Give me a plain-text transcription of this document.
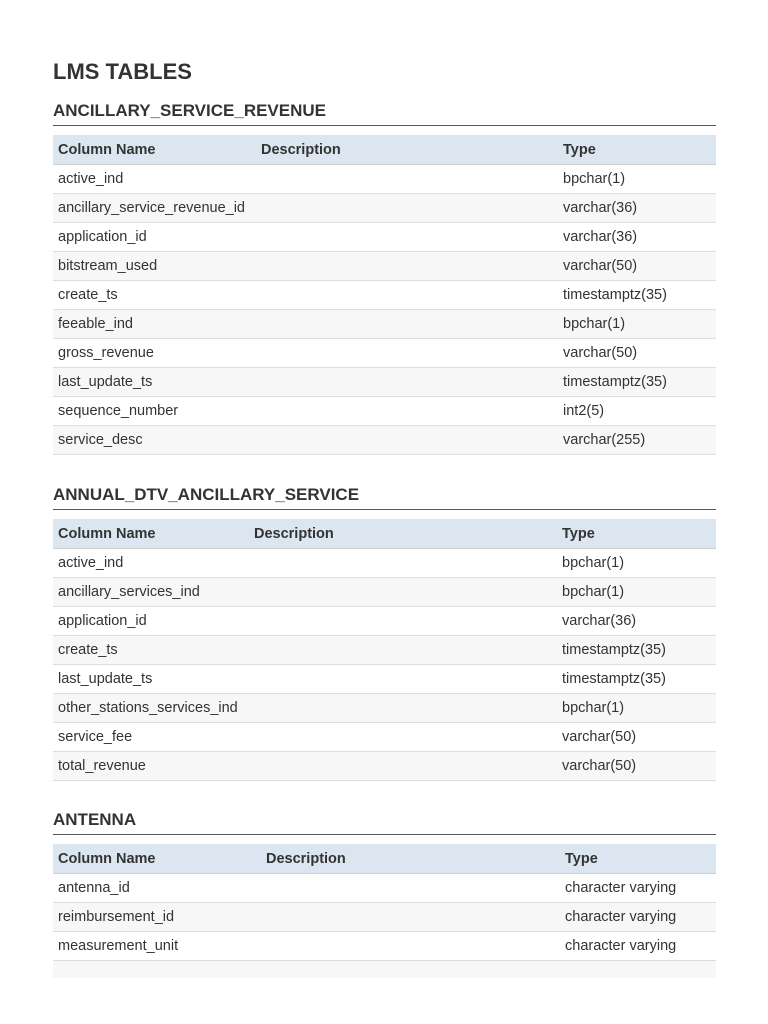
LMS TABLES
ANCILLARY_SERVICE_REVENUE
Column Name	Description	Type
active_ind		bpchar(1)
ancillary_service_revenue_id		varchar(36)
application_id		varchar(36)
bitstream_used		varchar(50)
create_ts		timestamptz(35)
feeable_ind		bpchar(1)
gross_revenue		varchar(50)
last_update_ts		timestamptz(35)
sequence_number		int2(5)
service_desc		varchar(255)
ANNUAL_DTV_ANCILLARY_SERVICE
Column Name	Description	Type
active_ind		bpchar(1)
ancillary_services_ind		bpchar(1)
application_id		varchar(36)
create_ts		timestamptz(35)
last_update_ts		timestamptz(35)
other_stations_services_ind		bpchar(1)
service_fee		varchar(50)
total_revenue		varchar(50)
ANTENNA
Column Name	Description	Type
antenna_id		character varying
reimbursement_id		character varying
measurement_unit		character varying
